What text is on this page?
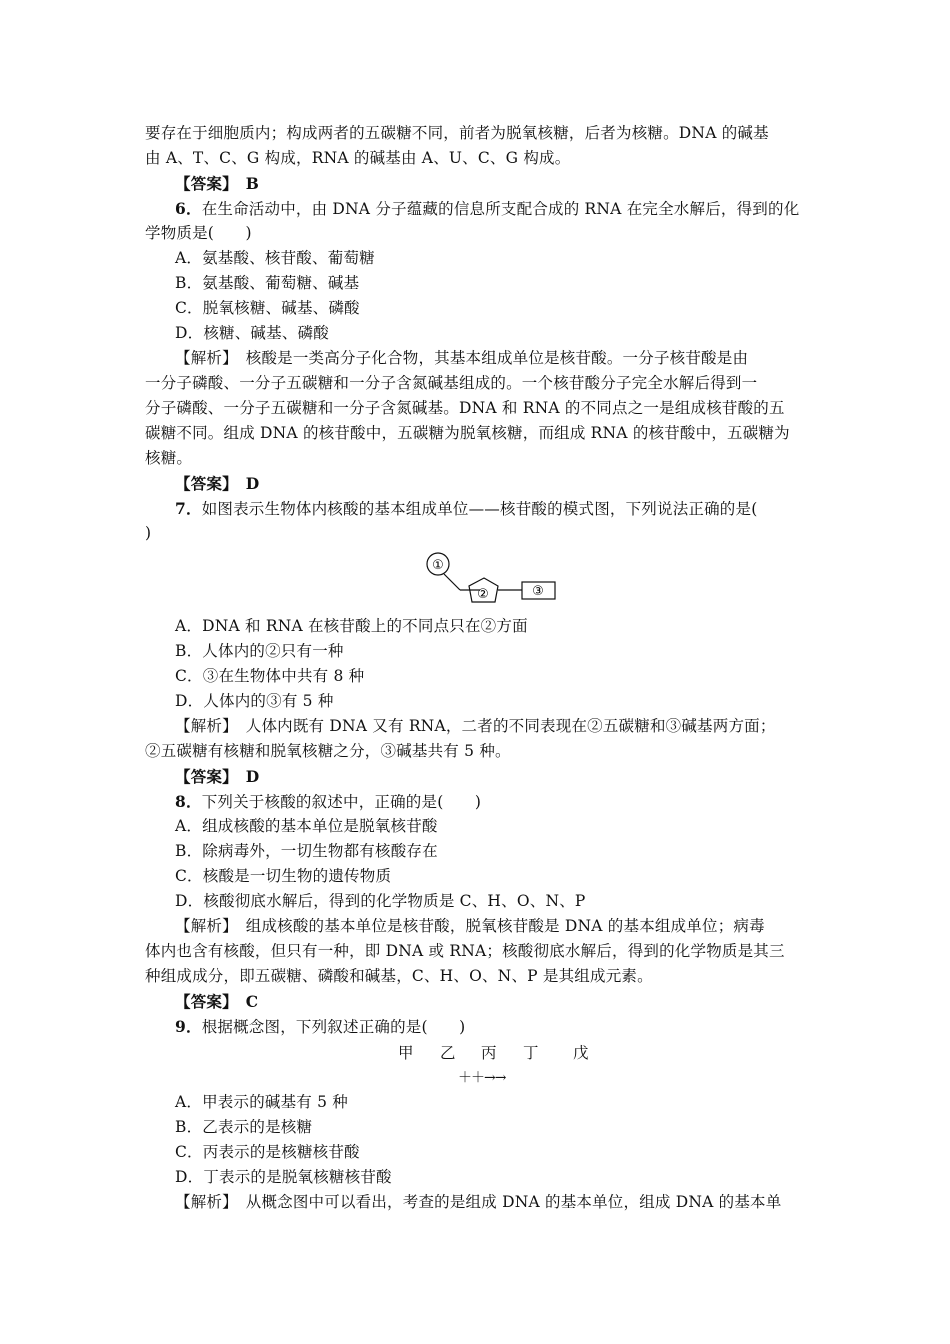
要存在于细胞质内；构成两者的五碳糖不同，前者为脱氧核糖，后者为核糖。DNA 的碱基
由 A、T、C、G 构成，RNA 的碱基由 A、U、C、G 构成。
【答案】　B
6．在生命活动中，由 DNA 分子蕴藏的信息所支配合成的 RNA 在完全水解后，得到的化
学物质是(　　)
A．氨基酸、核苷酸、葡萄糖
B．氨基酸、葡萄糖、碱基
C．脱氧核糖、碱基、磷酸
D．核糖、碱基、磷酸
【解析】　核酸是一类高分子化合物，其基本组成单位是核苷酸。一分子核苷酸是由
一分子磷酸、一分子五碳糖和一分子含氮碱基组成的。一个核苷酸分子完全水解后得到一
分子磷酸、一分子五碳糖和一分子含氮碱基。DNA 和 RNA 的不同点之一是组成核苷酸的五
碳糖不同。组成 DNA 的核苷酸中，五碳糖为脱氧核糖，而组成 RNA 的核苷酸中，五碳糖为
核糖。
【答案】　D
7．如图表示生物体内核酸的基本组成单位——核苷酸的模式图，下列说法正确的是(
)
①
②	③
A．DNA 和 RNA 在核苷酸上的不同点只在②方面
B．人体内的②只有一种
C．③在生物体中共有 8 种
D．人体内的③有 5 种
【解析】　人体内既有 DNA 又有 RNA，二者的不同表现在②五碳糖和③碱基两方面；
②五碳糖有核糖和脱氧核糖之分，③碱基共有 5 种。
【答案】　D
8．下列关于核酸的叙述中，正确的是(　　)
A．组成核酸的基本单位是脱氧核苷酸
B．除病毒外，一切生物都有核酸存在
C．核酸是一切生物的遗传物质
D．核酸彻底水解后，得到的化学物质是 C、H、O、N、P
【解析】　组成核酸的基本单位是核苷酸，脱氧核苷酸是 DNA 的基本组成单位；病毒
体内也含有核酸，但只有一种，即 DNA 或 RNA；核酸彻底水解后，得到的化学物质是其三
种组成成分，即五碳糖、磷酸和碱基，C、H、O、N、P 是其组成元素。
【答案】　C
9．根据概念图，下列叙述正确的是(　　)
甲 乙 丙 丁 戊
＋＋→→
A．甲表示的碱基有 5 种
B．乙表示的是核糖
C．丙表示的是核糖核苷酸
D．丁表示的是脱氧核糖核苷酸
【解析】　从概念图中可以看出，考查的是组成 DNA 的基本单位，组成 DNA 的基本单
